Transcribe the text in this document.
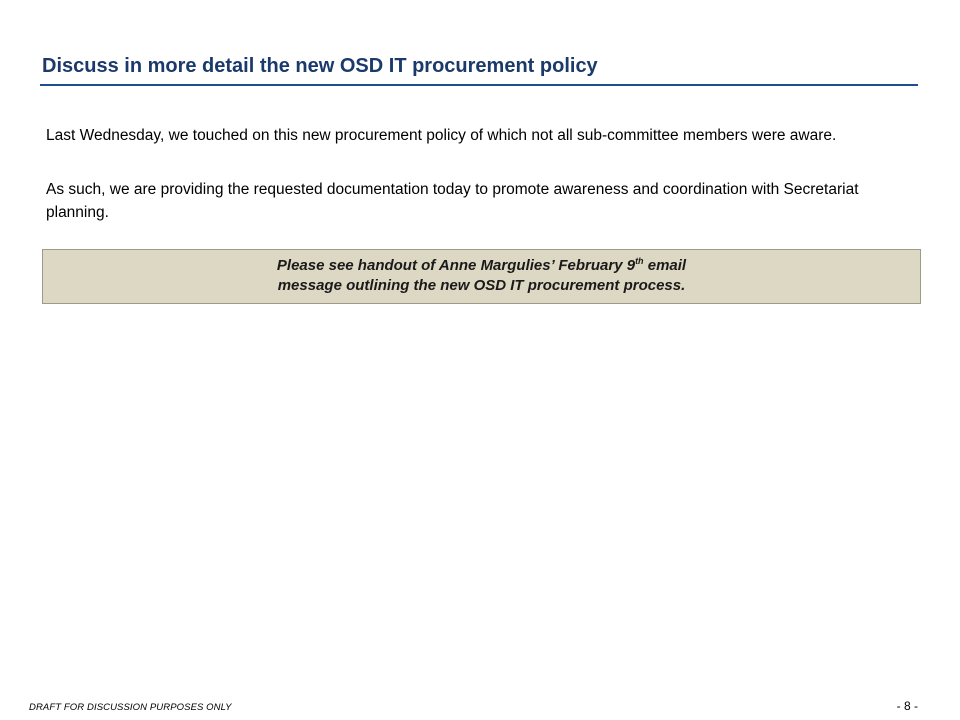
Discuss in more detail the new OSD IT procurement policy

Last Wednesday, we touched on this new procurement policy of which not all sub-committee members were aware.

As such, we are providing the requested documentation today to promote awareness and coordination with Secretariat planning.

Please see handout of Anne Margulies’ February 9th email
message outlining the new OSD IT procurement process.
DRAFT FOR DISCUSSION PURPOSES ONLY	- 8 -
